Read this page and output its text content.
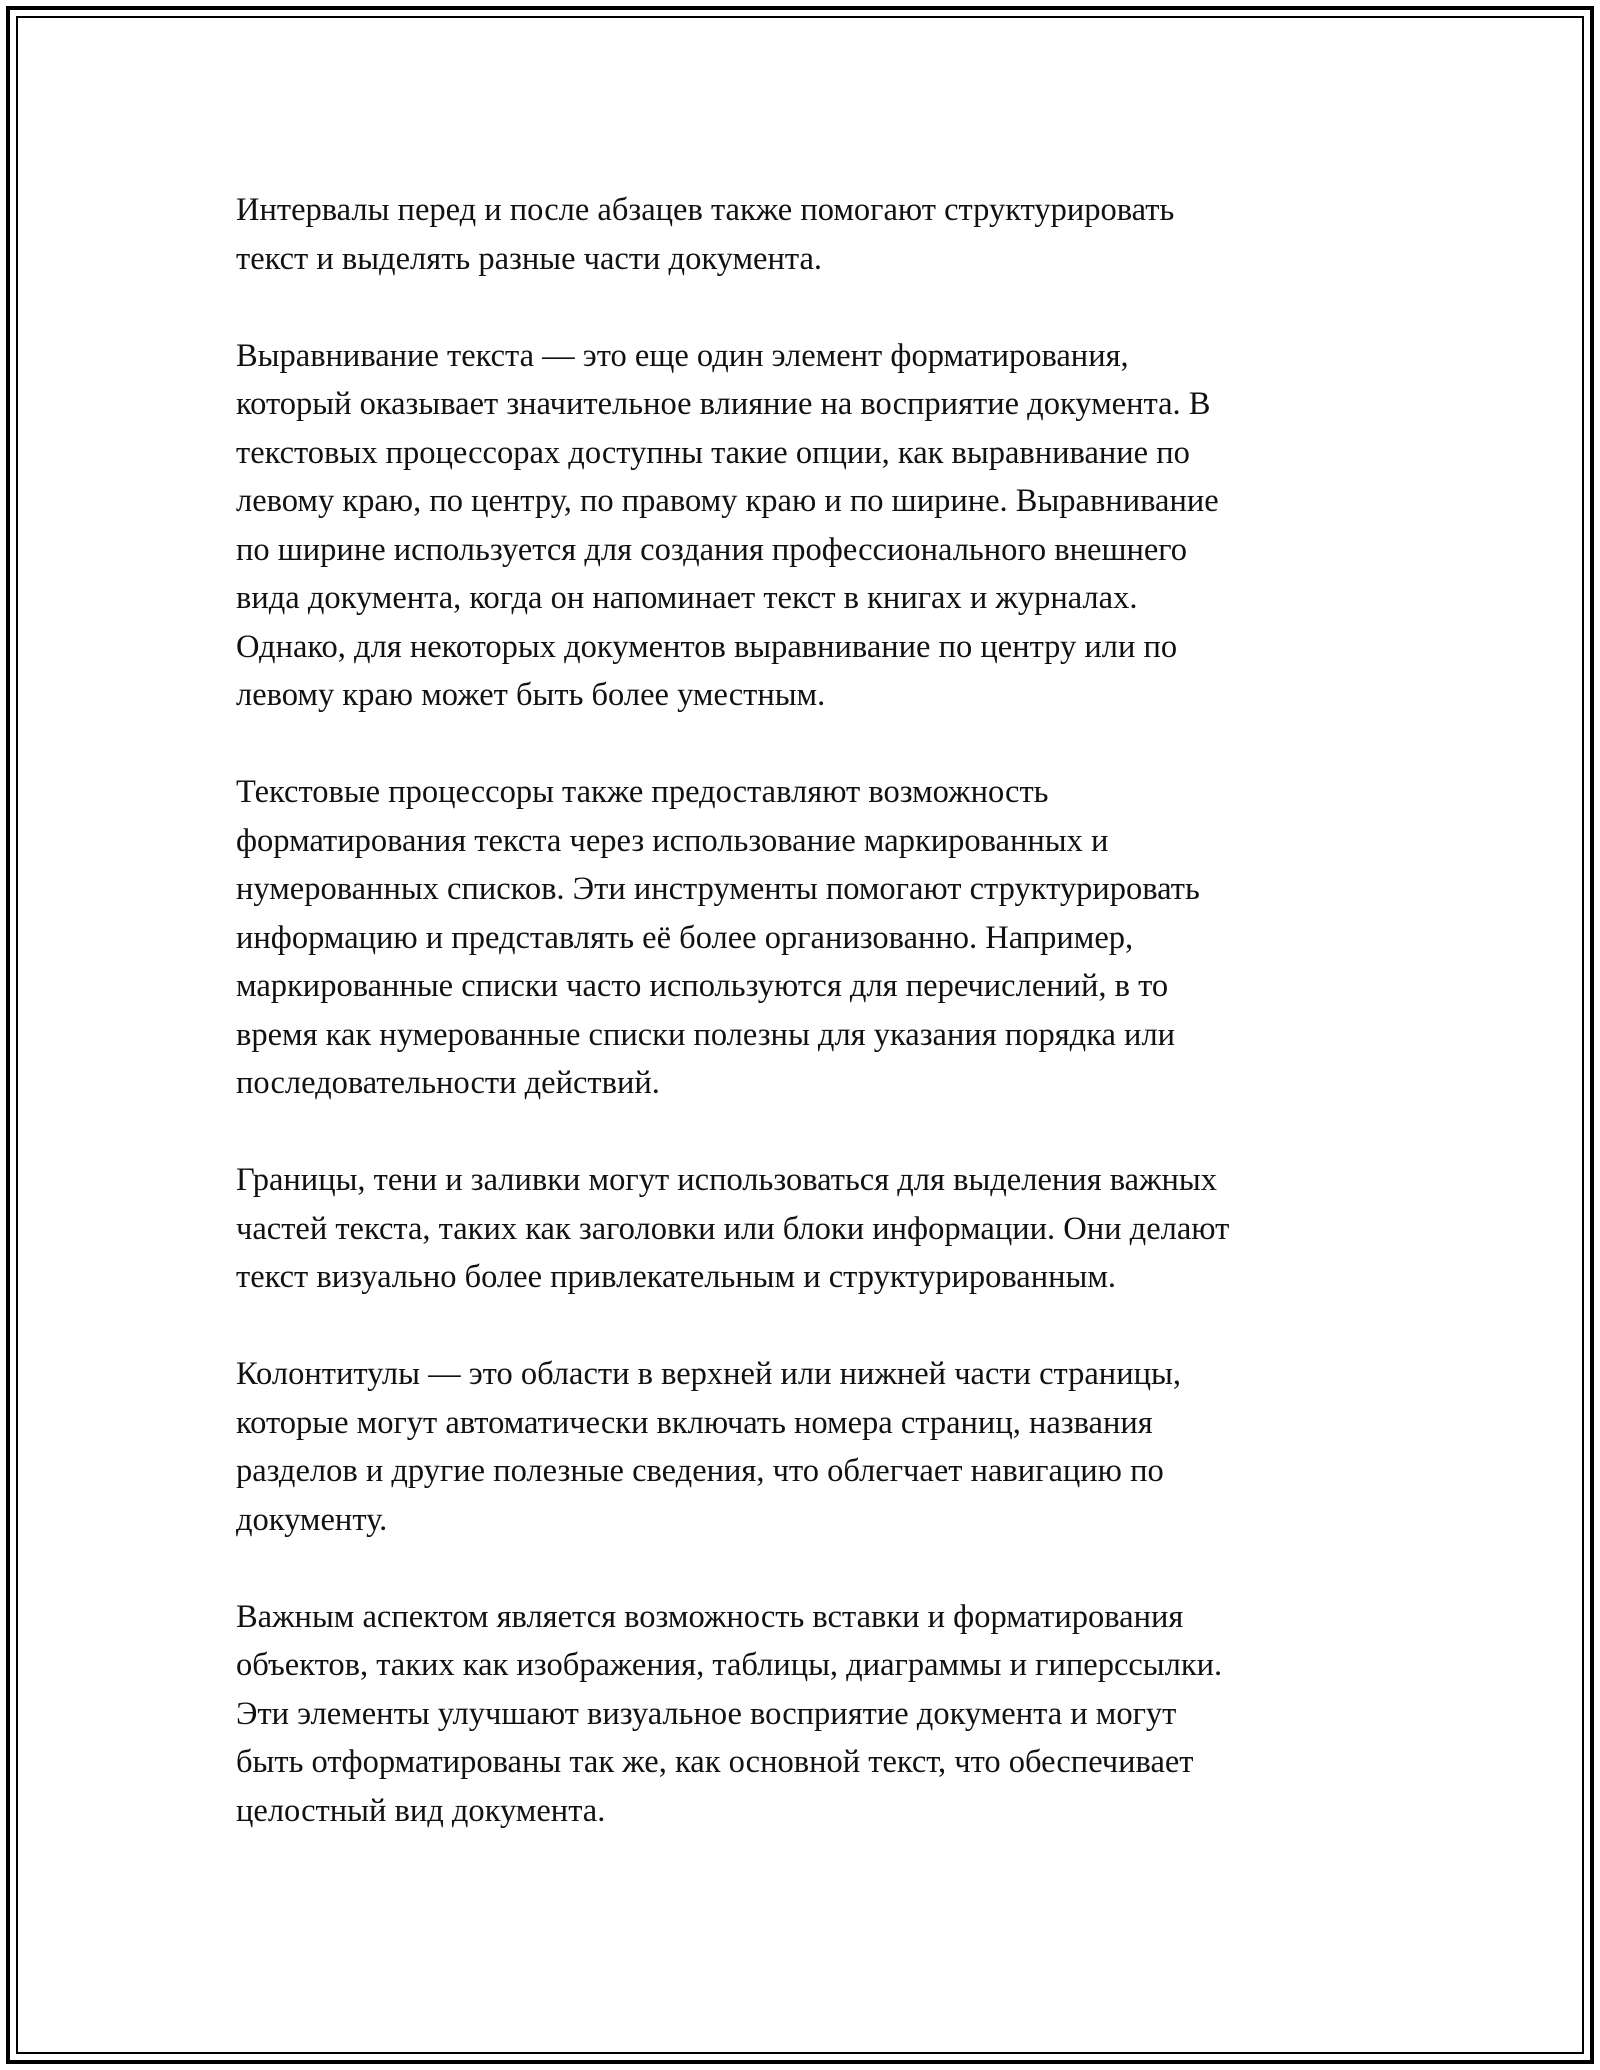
Интервалы перед и после абзацев также помогают структурировать
текст и выделять разные части документа.

Выравнивание текста — это еще один элемент форматирования,
который оказывает значительное влияние на восприятие документа. В
текстовых процессорах доступны такие опции, как выравнивание по
левому краю, по центру, по правому краю и по ширине. Выравнивание
по ширине используется для создания профессионального внешнего
вида документа, когда он напоминает текст в книгах и журналах.
Однако, для некоторых документов выравнивание по центру или по
левому краю может быть более уместным.

Текстовые процессоры также предоставляют возможность
форматирования текста через использование маркированных и
нумерованных списков. Эти инструменты помогают структурировать
информацию и представлять её более организованно. Например,
маркированные списки часто используются для перечислений, в то
время как нумерованные списки полезны для указания порядка или
последовательности действий.

Границы, тени и заливки могут использоваться для выделения важных
частей текста, таких как заголовки или блоки информации. Они делают
текст визуально более привлекательным и структурированным.

Колонтитулы — это области в верхней или нижней части страницы,
которые могут автоматически включать номера страниц, названия
разделов и другие полезные сведения, что облегчает навигацию по
документу.

Важным аспектом является возможность вставки и форматирования
объектов, таких как изображения, таблицы, диаграммы и гиперссылки.
Эти элементы улучшают визуальное восприятие документа и могут
быть отформатированы так же, как основной текст, что обеспечивает
целостный вид документа.
